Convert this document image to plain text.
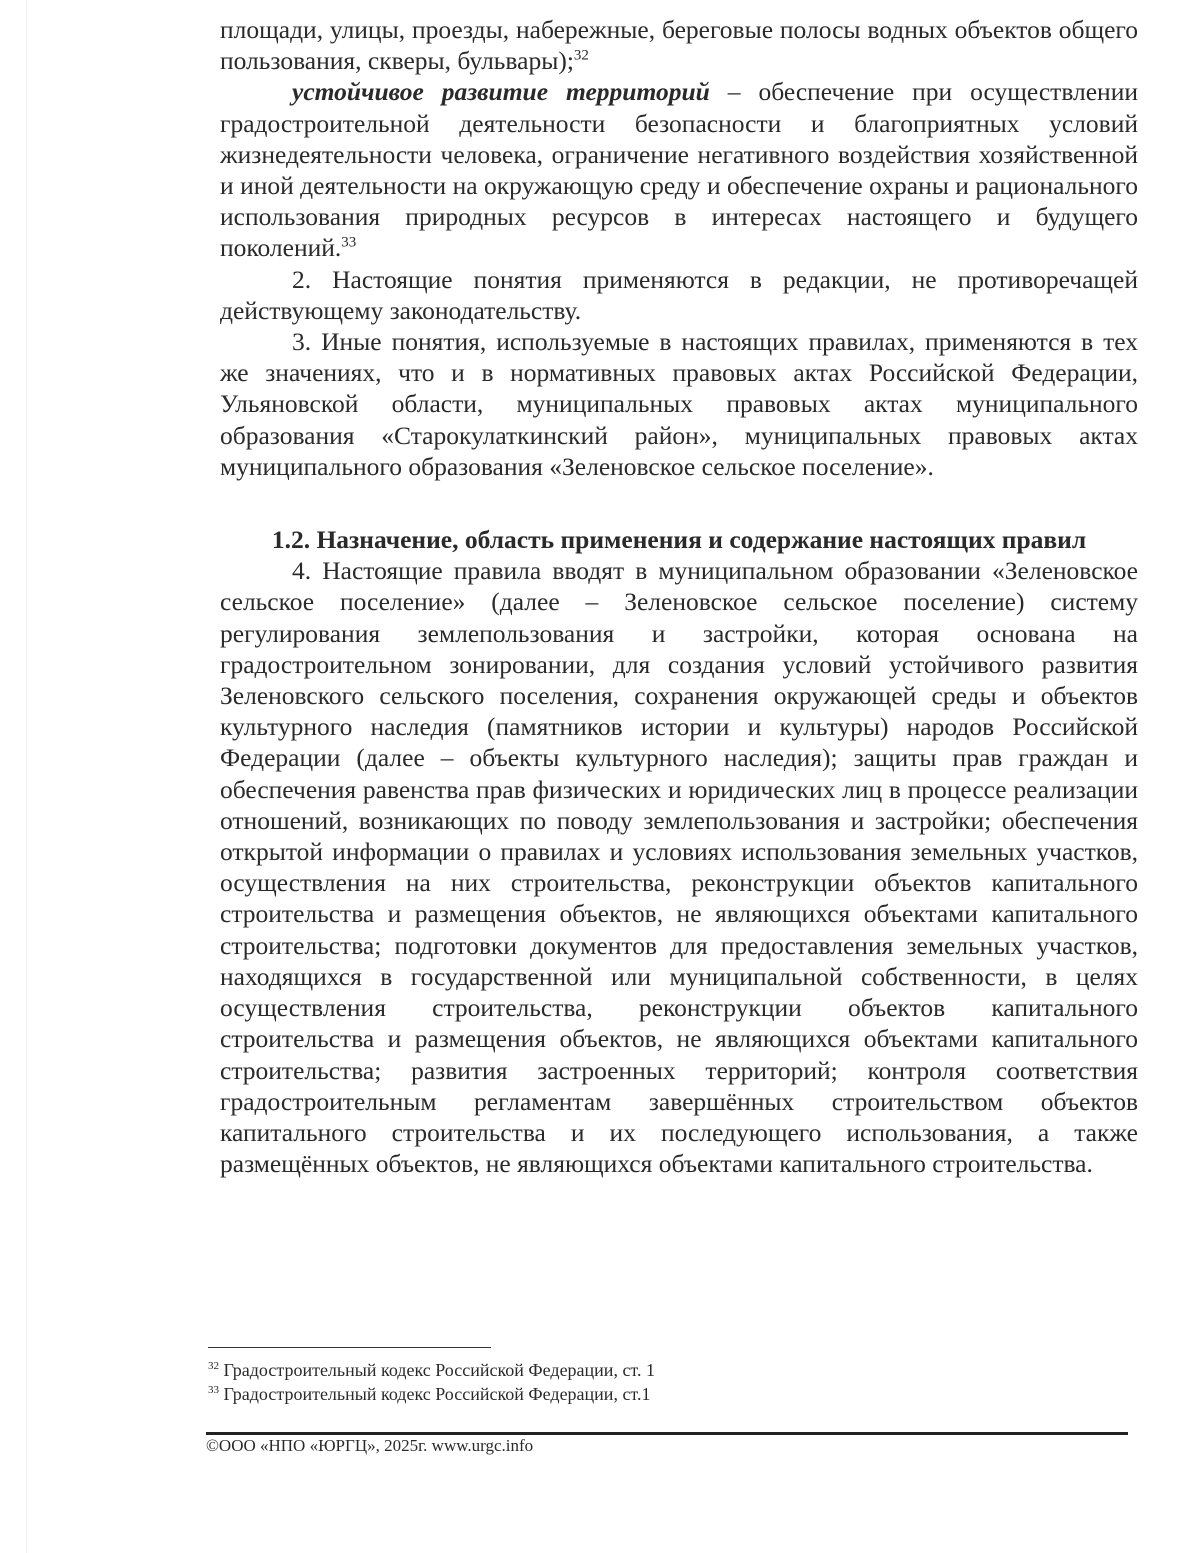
площади, улицы, проезды, набережные, береговые полосы водных объектов общего пользования, скверы, бульвары);$^{32}$

устойчивое развитие территорий – обеспечение при осуществлении градостроительной деятельности безопасности и благоприятных условий жизнедеятельности человека, ограничение негативного воздействия хозяйственной и иной деятельности на окружающую среду и обеспечение охраны и рационального использования природных ресурсов в интересах настоящего и будущего поколений.$^{33}$

2. Настоящие понятия применяются в редакции, не противоречащей действующему законодательству.

3. Иные понятия, используемые в настоящих правилах, применяются в тех же значениях, что и в нормативных правовых актах Российской Федерации, Ульяновской области, муниципальных правовых актах муниципального образования «Старокулаткинский район», муниципальных правовых актах муниципального образования «Зеленовское сельское поселение».

1.2. Назначение, область применения и содержание настоящих правил

4. Настоящие правила вводят в муниципальном образовании «Зеленовское сельское поселение» (далее – Зеленовское сельское поселение) систему регулирования землепользования и застройки, которая основана на градостроительном зонировании, для создания условий устойчивого развития Зеленовского сельского поселения, сохранения окружающей среды и объектов культурного наследия (памятников истории и культуры) народов Российской Федерации (далее – объекты культурного наследия); защиты прав граждан и обеспечения равенства прав физических и юридических лиц в процессе реализации отношений, возникающих по поводу землепользования и застройки; обеспечения открытой информации о правилах и условиях использования земельных участков, осуществления на них строительства, реконструкции объектов капитального строительства и размещения объектов, не являющихся объектами капитального строительства; подготовки документов для предоставления земельных участков, находящихся в государственной или муниципальной собственности, в целях осуществления строительства, реконструкции объектов капитального строительства и размещения объектов, не являющихся объектами капитального строительства; развития застроенных территорий; контроля соответствия градостроительным регламентам завершённых строительством объектов капитального строительства и их последующего использования, а также размещённых объектов, не являющихся объектами капитального строительства.

$^{32}$ Градостроительный кодекс Российской Федерации, ст. 1

$^{33}$ Градостроительный кодекс Российской Федерации, ст.1

©ООО «НПО «ЮРГЦ», 2025г. www.urgc.info
